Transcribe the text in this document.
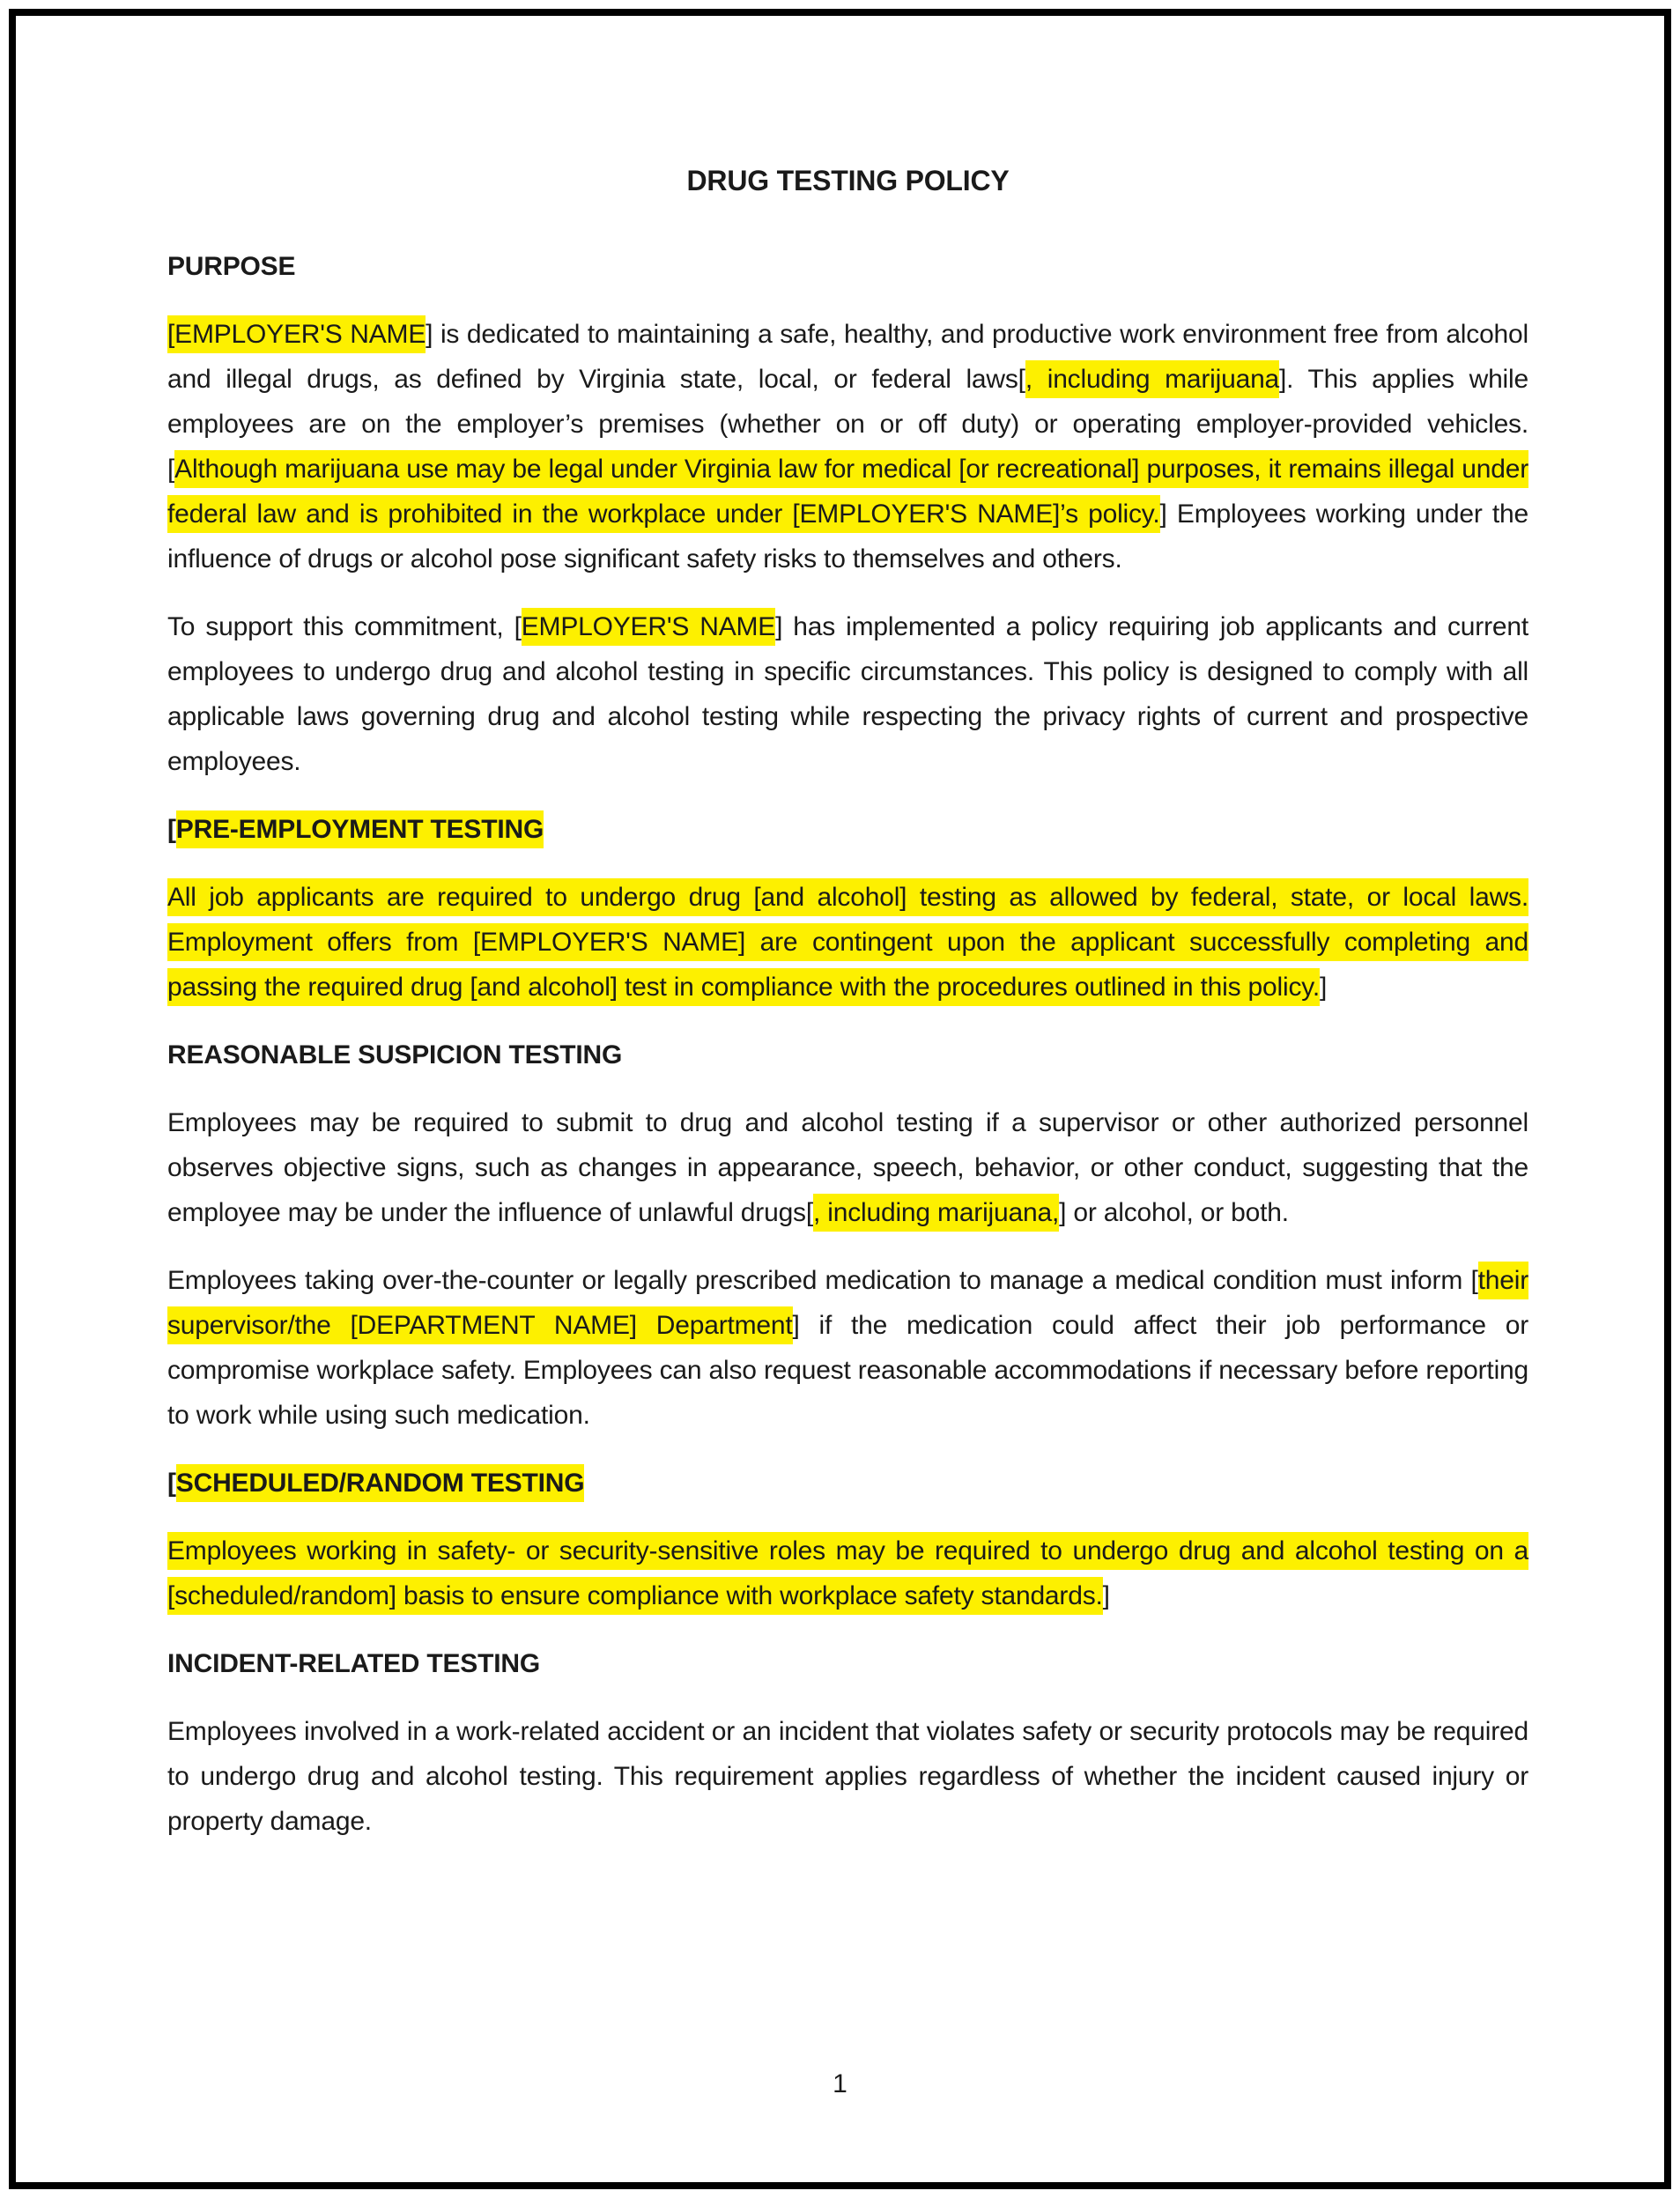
DRUG TESTING POLICY
PURPOSE

[EMPLOYER'S NAME] is dedicated to maintaining a safe, healthy, and productive work environment free from alcohol and illegal drugs, as defined by Virginia state, local, or federal laws[, including marijuana]. This applies while employees are on the employer’s premises (whether on or off duty) or operating employer-provided vehicles. [Although marijuana use may be legal under Virginia law for medical [or recreational] purposes, it remains illegal under federal law and is prohibited in the workplace under [EMPLOYER'S NAME]’s policy.] Employees working under the influence of drugs or alcohol pose significant safety risks to themselves and others.

To support this commitment, [EMPLOYER'S NAME] has implemented a policy requiring job applicants and current employees to undergo drug and alcohol testing in specific circumstances. This policy is designed to comply with all applicable laws governing drug and alcohol testing while respecting the privacy rights of current and prospective employees.

[PRE-EMPLOYMENT TESTING

All job applicants are required to undergo drug [and alcohol] testing as allowed by federal, state, or local laws. Employment offers from [EMPLOYER'S NAME] are contingent upon the applicant successfully completing and passing the required drug [and alcohol] test in compliance with the procedures outlined in this policy.]

REASONABLE SUSPICION TESTING

Employees may be required to submit to drug and alcohol testing if a supervisor or other authorized personnel observes objective signs, such as changes in appearance, speech, behavior, or other conduct, suggesting that the employee may be under the influence of unlawful drugs[, including marijuana,] or alcohol, or both.

Employees taking over-the-counter or legally prescribed medication to manage a medical condition must inform [their supervisor/the [DEPARTMENT NAME] Department] if the medication could affect their job performance or compromise workplace safety. Employees can also request reasonable accommodations if necessary before reporting to work while using such medication.

[SCHEDULED/RANDOM TESTING

Employees working in safety- or security-sensitive roles may be required to undergo drug and alcohol testing on a [scheduled/random] basis to ensure compliance with workplace safety standards.]

INCIDENT-RELATED TESTING

Employees involved in a work-related accident or an incident that violates safety or security protocols may be required to undergo drug and alcohol testing. This requirement applies regardless of whether the incident caused injury or property damage.

1
